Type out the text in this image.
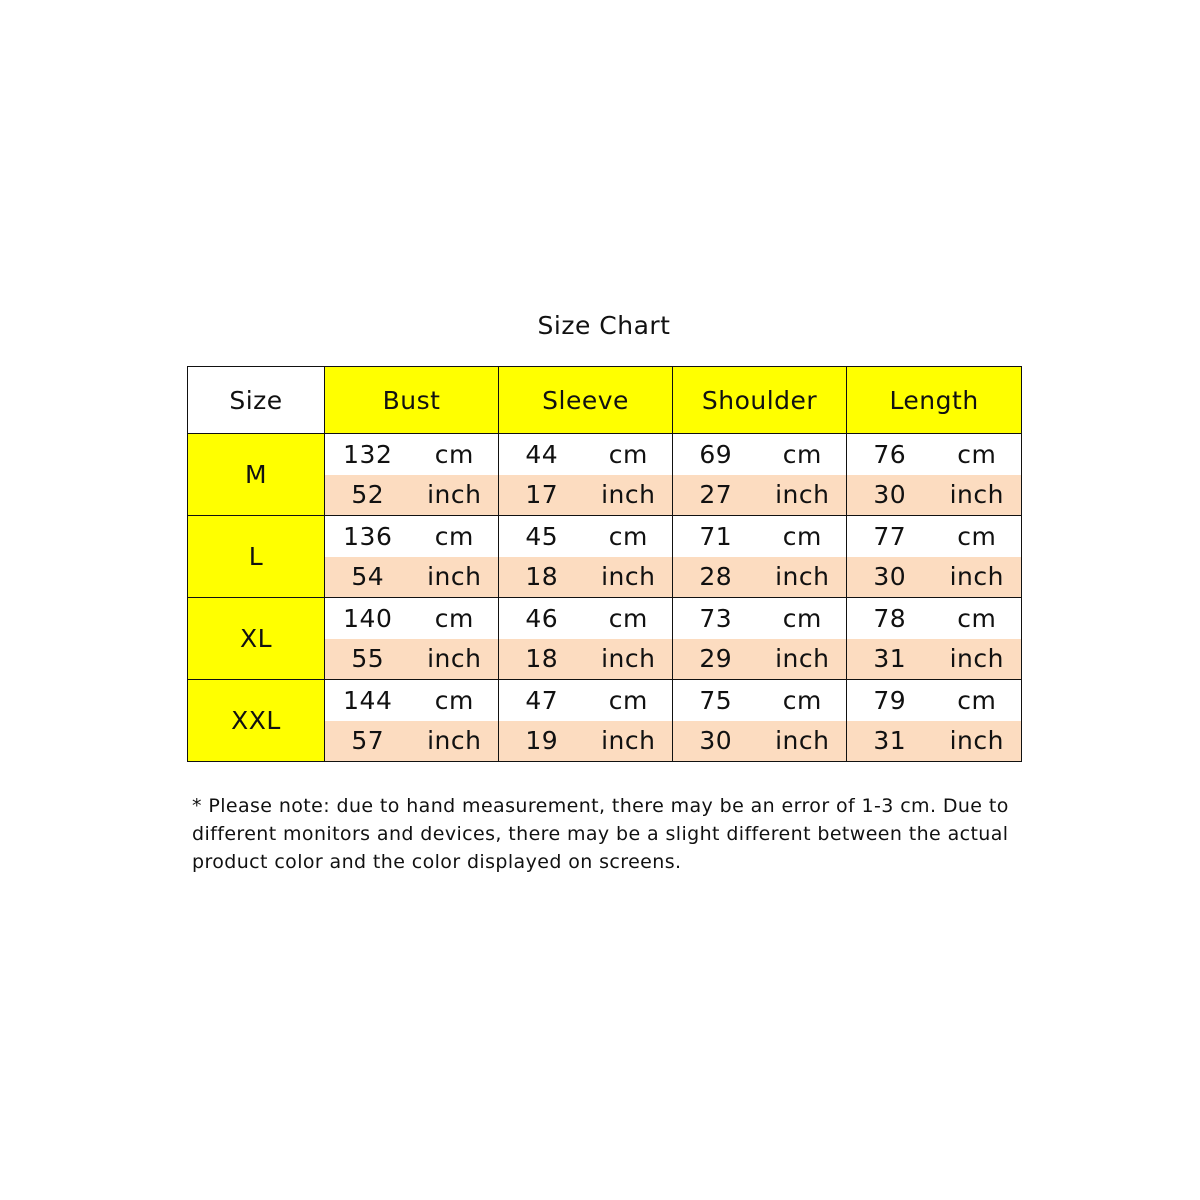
Size Chart
Size	Bust		Sleeve		Shoulder		Length	
M	132	cm	44	cm	69	cm	76	cm
	52	inch	17	inch	27	inch	30	inch
L	136	cm	45	cm	71	cm	77	cm
	54	inch	18	inch	28	inch	30	inch
XL	140	cm	46	cm	73	cm	78	cm
	55	inch	18	inch	29	inch	31	inch
XXL	144	cm	47	cm	75	cm	79	cm
	57	inch	19	inch	30	inch	31	inch
* Please note: due to hand measurement, there may be an error of 1-3 cm. Due to different monitors and devices, there may be a slight different between the actual product color and the color displayed on screens.
